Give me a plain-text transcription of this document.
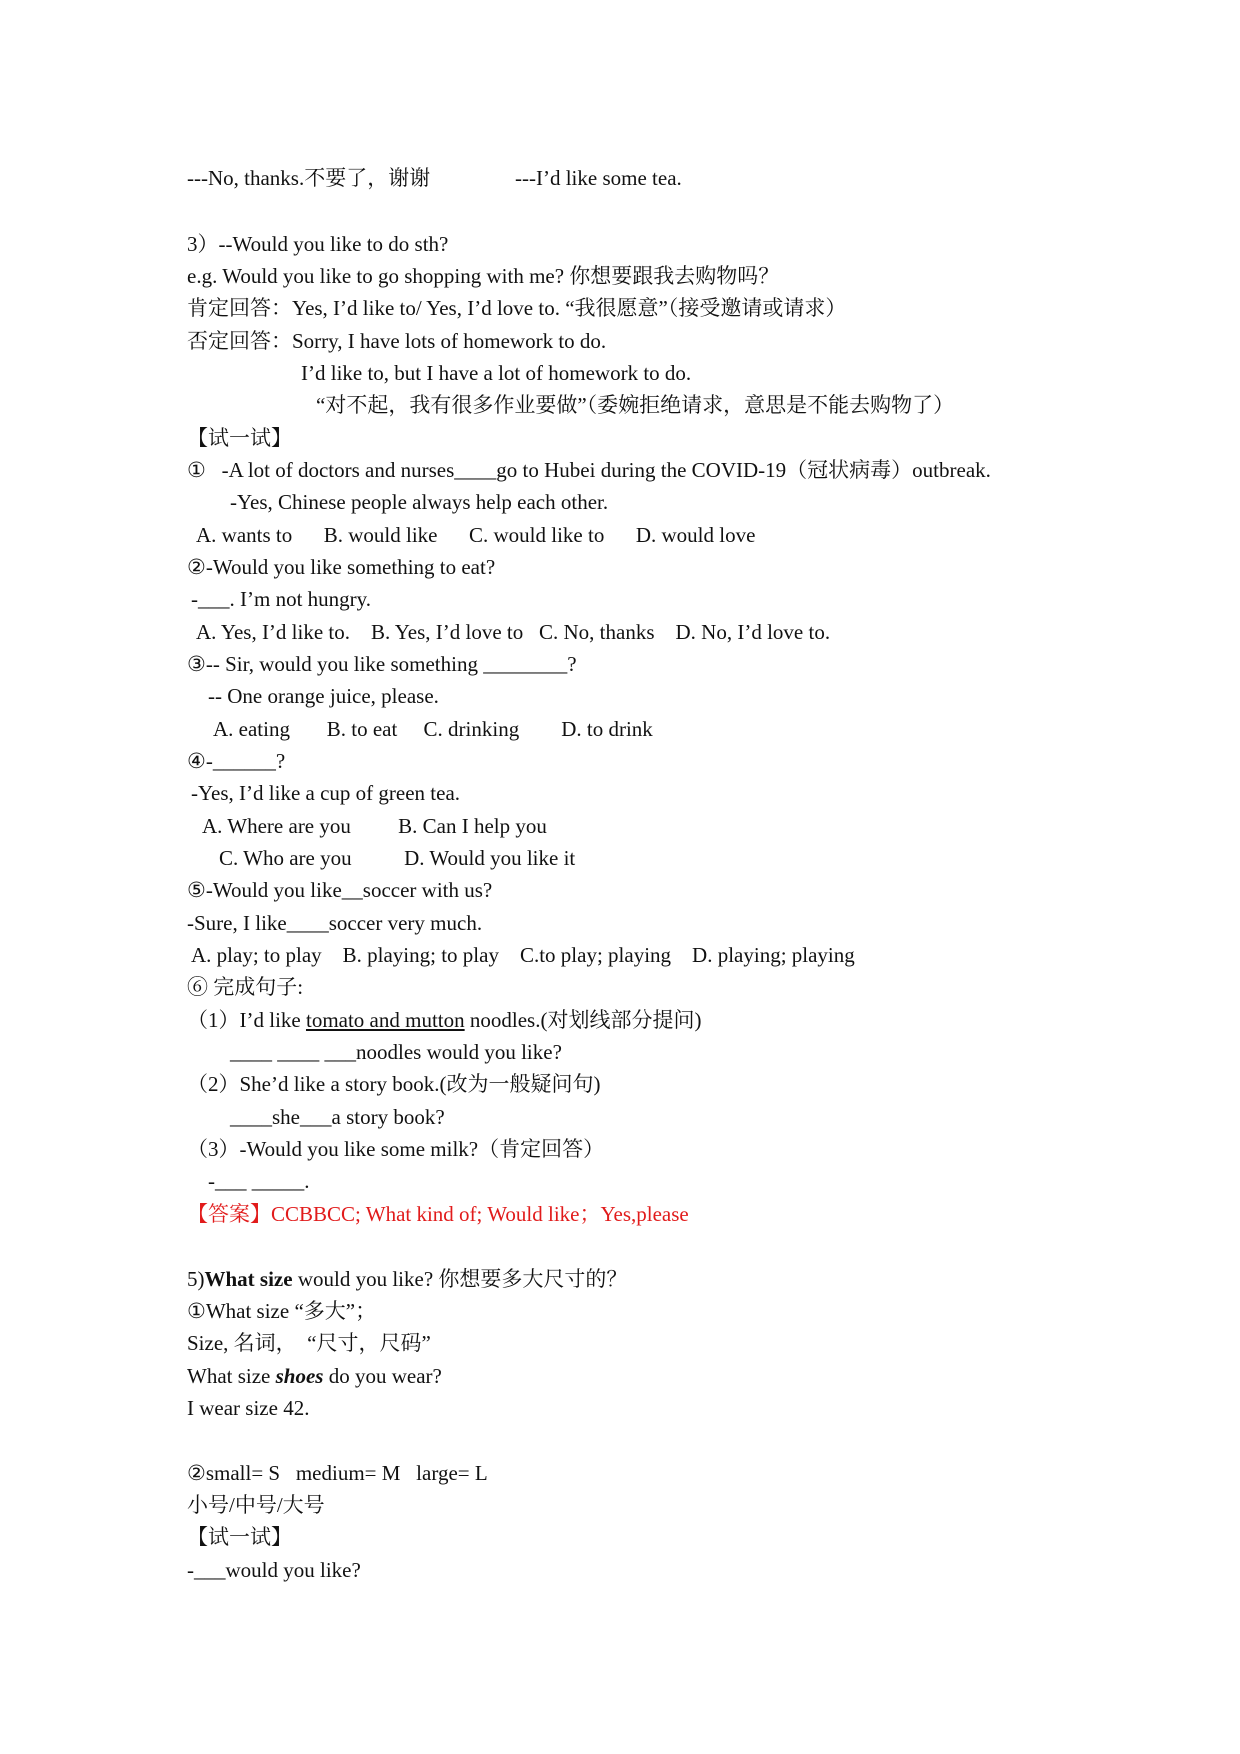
---No, thanks.不要了，谢谢	---I’d like some tea.
3）--Would you like to do sth?
e.g. Would you like to go shopping with me? 你想要跟我去购物吗？
肯定回答：Yes, I’d like to/ Yes, I’d love to. “我很愿意”（接受邀请或请求）
否定回答：Sorry, I have lots of homework to do.
I’d like to, but I have a lot of homework to do.
“对不起，我有很多作业要做”（委婉拒绝请求，意思是不能去购物了）
【试一试】
①   -A lot of doctors and nurses____go to Hubei during the COVID-19（冠状病毒）outbreak.
-Yes, Chinese people always help each other.
A. wants to      B. would like      C. would like to      D. would love
②-Would you like something to eat?
-___. I’m not hungry.
A. Yes, I’d like to.    B. Yes, I’d love to   C. No, thanks    D. No, I’d love to.
③-- Sir, would you like something ________?
-- One orange juice, please.
A. eating       B. to eat     C. drinking        D. to drink
④-______?
-Yes, I’d like a cup of green tea.
A. Where are you         B. Can I help you
C. Who are you          D. Would you like it
⑤-Would you like__soccer with us?
-Sure, I like____soccer very much.
A. play; to play    B. playing; to play    C.to play; playing    D. playing; playing
⑥ 完成句子:
（1）I’d like tomato and mutton noodles.(对划线部分提问)
____ ____ ___noodles would you like?
（2）She’d like a story book.(改为一般疑问句)
____she___a story book?
（3）-Would you like some milk?（肯定回答）
-___ _____.
【答案】CCBBCC; What kind of; Would like；Yes,please
5)What size would you like? 你想要多大尺寸的？
①What size “多大”；
Size, 名词，  “尺寸，尺码”
What size shoes do you wear?
I wear size 42.
②small= S   medium= M   large= L
小号/中号/大号
【试一试】
-___would you like?
